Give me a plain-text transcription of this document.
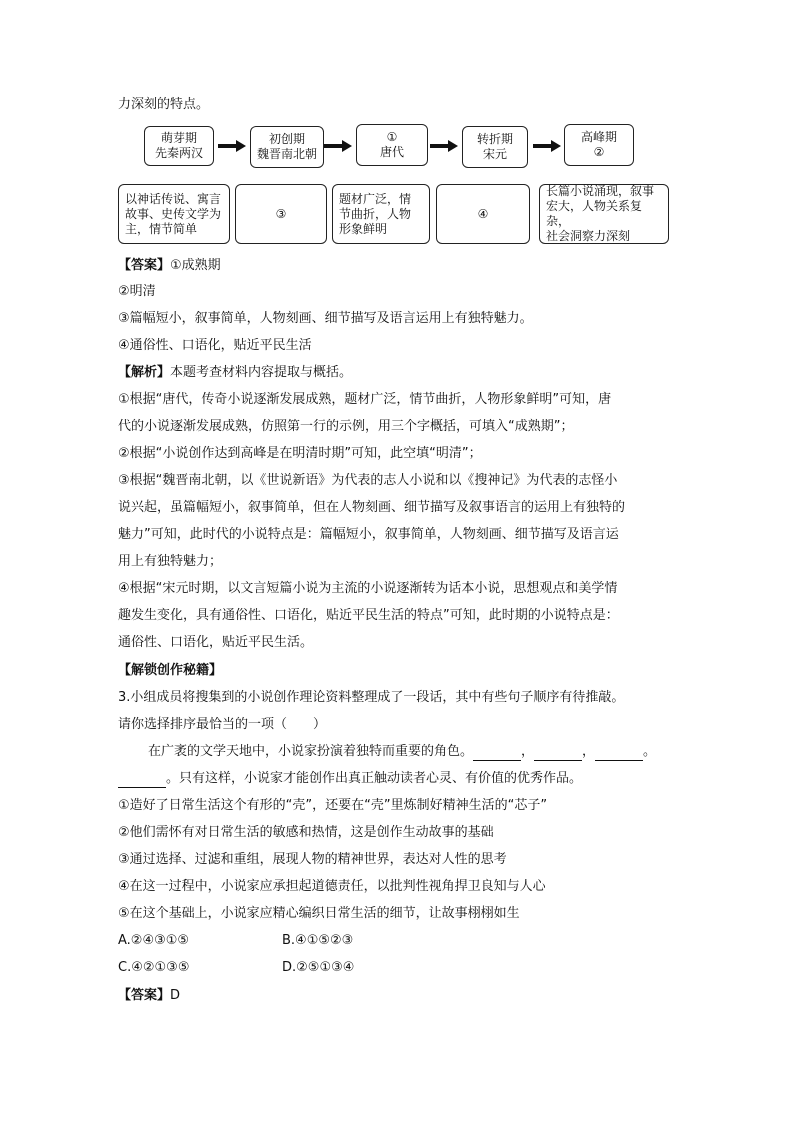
力深刻的特点。
萌芽期
先秦两汉
初创期
魏晋南北朝
①
唐代
转折期
宋元
高峰期
②
以神话传说、寓言
故事、史传文学为
主，情节简单
③
题材广泛，情
节曲折，人物
形象鲜明
④
长篇小说涌现，叙事
宏大，人物关系复杂，
社会洞察力深刻
【答案】①成熟期
②明清
③篇幅短小，叙事简单，人物刻画、细节描写及语言运用上有独特魅力。
④通俗性、口语化，贴近平民生活
【解析】本题考查材料内容提取与概括。
①根据“唐代，传奇小说逐渐发展成熟，题材广泛，情节曲折，人物形象鲜明”可知，唐
代的小说逐渐发展成熟，仿照第一行的示例，用三个字概括，可填入“成熟期”；
②根据“小说创作达到高峰是在明清时期”可知，此空填“明清”；
③根据“魏晋南北朝，以《世说新语》为代表的志人小说和以《搜神记》为代表的志怪小
说兴起，虽篇幅短小，叙事简单，但在人物刻画、细节描写及叙事语言的运用上有独特的
魅力”可知，此时代的小说特点是：篇幅短小，叙事简单，人物刻画、细节描写及语言运
用上有独特魅力；
④根据“宋元时期，以文言短篇小说为主流的小说逐渐转为话本小说，思想观点和美学情
趣发生变化，具有通俗性、口语化，贴近平民生活的特点”可知，此时期的小说特点是：
通俗性、口语化，贴近平民生活。
【解锁创作秘籍】
3.小组成员将搜集到的小说创作理论资料整理成了一段话，其中有些句子顺序有待推敲。
请你选择排序最恰当的一项（　　）
在广袤的文学天地中，小说家扮演着独特而重要的角色。	，	，	。
。只有这样，小说家才能创作出真正触动读者心灵、有价值的优秀作品。
①造好了日常生活这个有形的“壳”，还要在“壳”里炼制好精神生活的“芯子”
②他们需怀有对日常生活的敏感和热情，这是创作生动故事的基础
③通过选择、过滤和重组，展现人物的精神世界，表达对人性的思考
④在这一过程中，小说家应承担起道德责任，以批判性视角捍卫良知与人心
⑤在这个基础上，小说家应精心编织日常生活的细节，让故事栩栩如生
A.②④③①⑤	B.④①⑤②③
C.④②①③⑤	D.②⑤①③④
【答案】D
